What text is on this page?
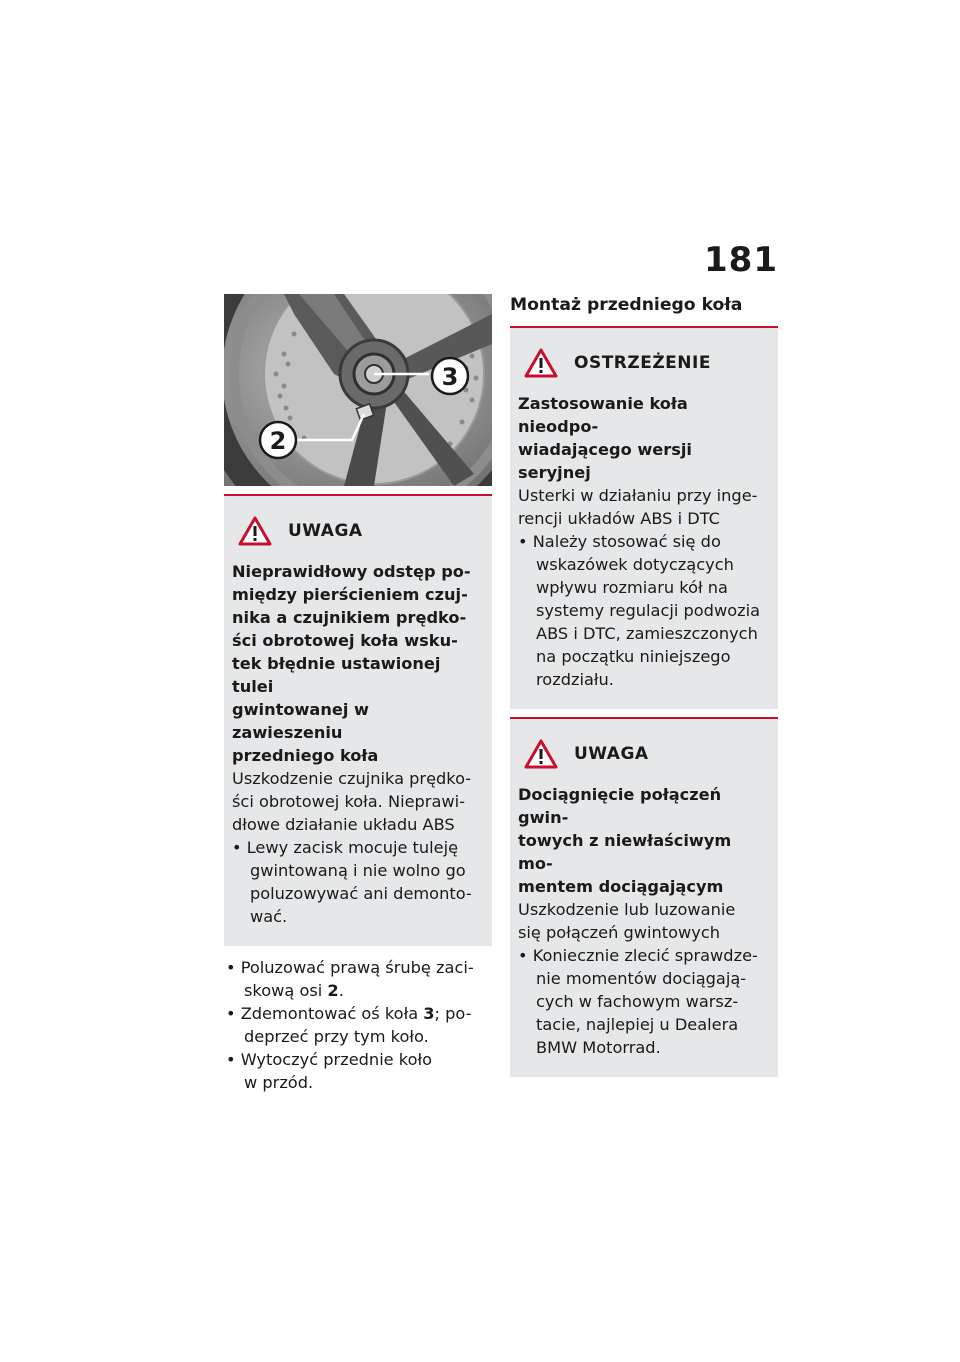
181
3
2
UWAGA
Nieprawidłowy odstęp po-
między pierścieniem czuj-
nika a czujnikiem prędko-
ści obrotowej koła wsku-
tek błędnie ustawionej tulei
gwintowanej w zawieszeniu
przedniego koła
Uszkodzenie czujnika prędko-
ści obrotowej koła. Nieprawi-
dłowe działanie układu ABS
• Lewy zacisk mocuje tuleję
gwintowaną i nie wolno go
poluzowywać ani demonto-
wać.
• Poluzować prawą śrubę zaci-
skową osi 2.
• Zdemontować oś koła 3; po-
deprzeć przy tym koło.
• Wytoczyć przednie koło
w przód.
Montaż przedniego koła
OSTRZEŻENIE
Zastosowanie koła nieodpo-
wiadającego wersji seryjnej
Usterki w działaniu przy inge-
rencji układów ABS i DTC
• Należy stosować się do
wskazówek dotyczących
wpływu rozmiaru kół na
systemy regulacji podwozia
ABS i DTC, zamieszczonych
na początku niniejszego
rozdziału.
UWAGA
Dociągnięcie połączeń gwin-
towych z niewłaściwym mo-
mentem dociągającym
Uszkodzenie lub luzowanie
się połączeń gwintowych
• Koniecznie zlecić sprawdze-
nie momentów dociągają-
cych w fachowym warsz-
tacie, najlepiej u Dealera
BMW Motorrad.
